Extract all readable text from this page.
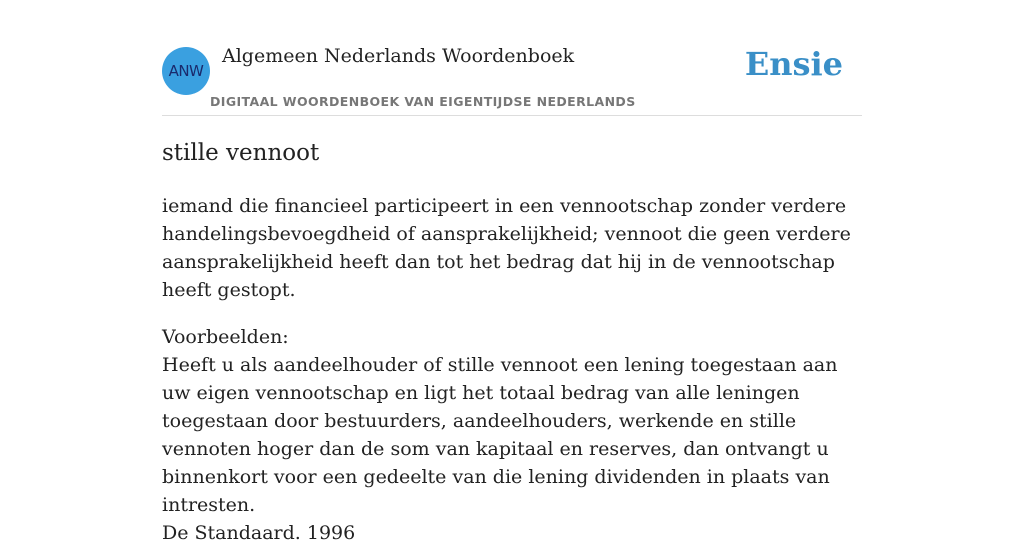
ANW
Algemeen Nederlands Woordenboek	Ensie
DIGITAAL WOORDENBOEK VAN EIGENTIJDSE NEDERLANDS
stille vennoot

iemand die financieel participeert in een vennootschap zonder verdere handelingsbevoegdheid of aansprakelijkheid; vennoot die geen verdere aansprakelijkheid heeft dan tot het bedrag dat hij in de vennootschap heeft gestopt.

Voorbeelden:
Heeft u als aandeelhouder of stille vennoot een lening toegestaan aan uw eigen vennootschap en ligt het totaal bedrag van alle leningen toegestaan door bestuurders, aandeelhouders, werkende en stille vennoten hoger dan de som van kapitaal en reserves, dan ontvangt u binnenkort voor een gedeelte van die lening dividenden in plaats van intresten.
De Standaard. 1996
